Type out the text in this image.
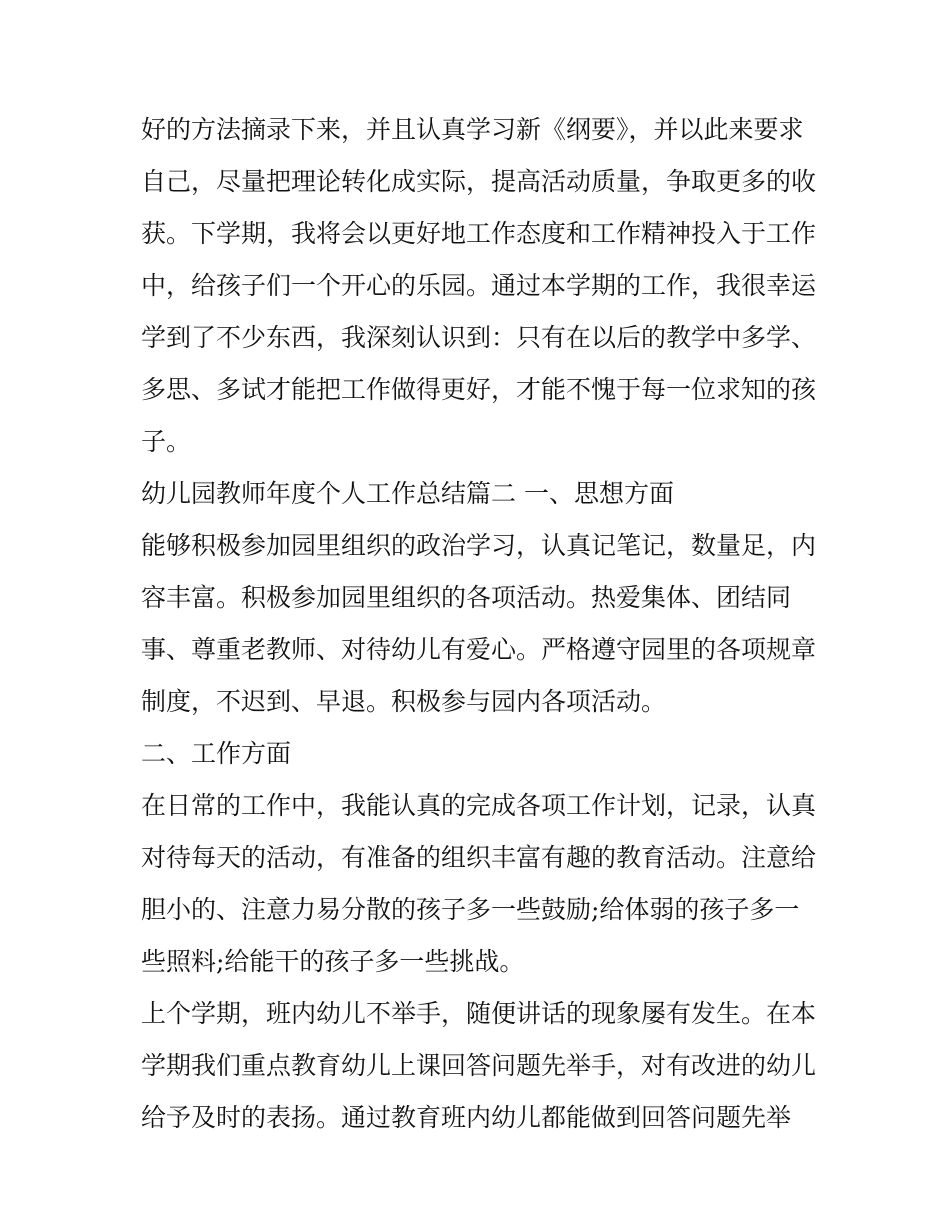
好的方法摘录下来，并且认真学习新《纲要》，并以此来要求
自己，尽量把理论转化成实际，提高活动质量，争取更多的收
获。下学期，我将会以更好地工作态度和工作精神投入于工作
中，给孩子们一个开心的乐园。通过本学期的工作，我很幸运
学到了不少东西，我深刻认识到：只有在以后的教学中多学、
多思、多试才能把工作做得更好，才能不愧于每一位求知的孩
子。
幼儿园教师年度个人工作总结篇二 一、思想方面
能够积极参加园里组织的政治学习，认真记笔记，数量足，内
容丰富。积极参加园里组织的各项活动。热爱集体、团结同
事、尊重老教师、对待幼儿有爱心。严格遵守园里的各项规章
制度，不迟到、早退。积极参与园内各项活动。
二、工作方面
在日常的工作中，我能认真的完成各项工作计划，记录，认真
对待每天的活动，有准备的组织丰富有趣的教育活动。注意给
胆小的、注意力易分散的孩子多一些鼓励;给体弱的孩子多一
些照料;给能干的孩子多一些挑战。
上个学期，班内幼儿不举手，随便讲话的现象屡有发生。在本
学期我们重点教育幼儿上课回答问题先举手，对有改进的幼儿
给予及时的表扬。通过教育班内幼儿都能做到回答问题先举
